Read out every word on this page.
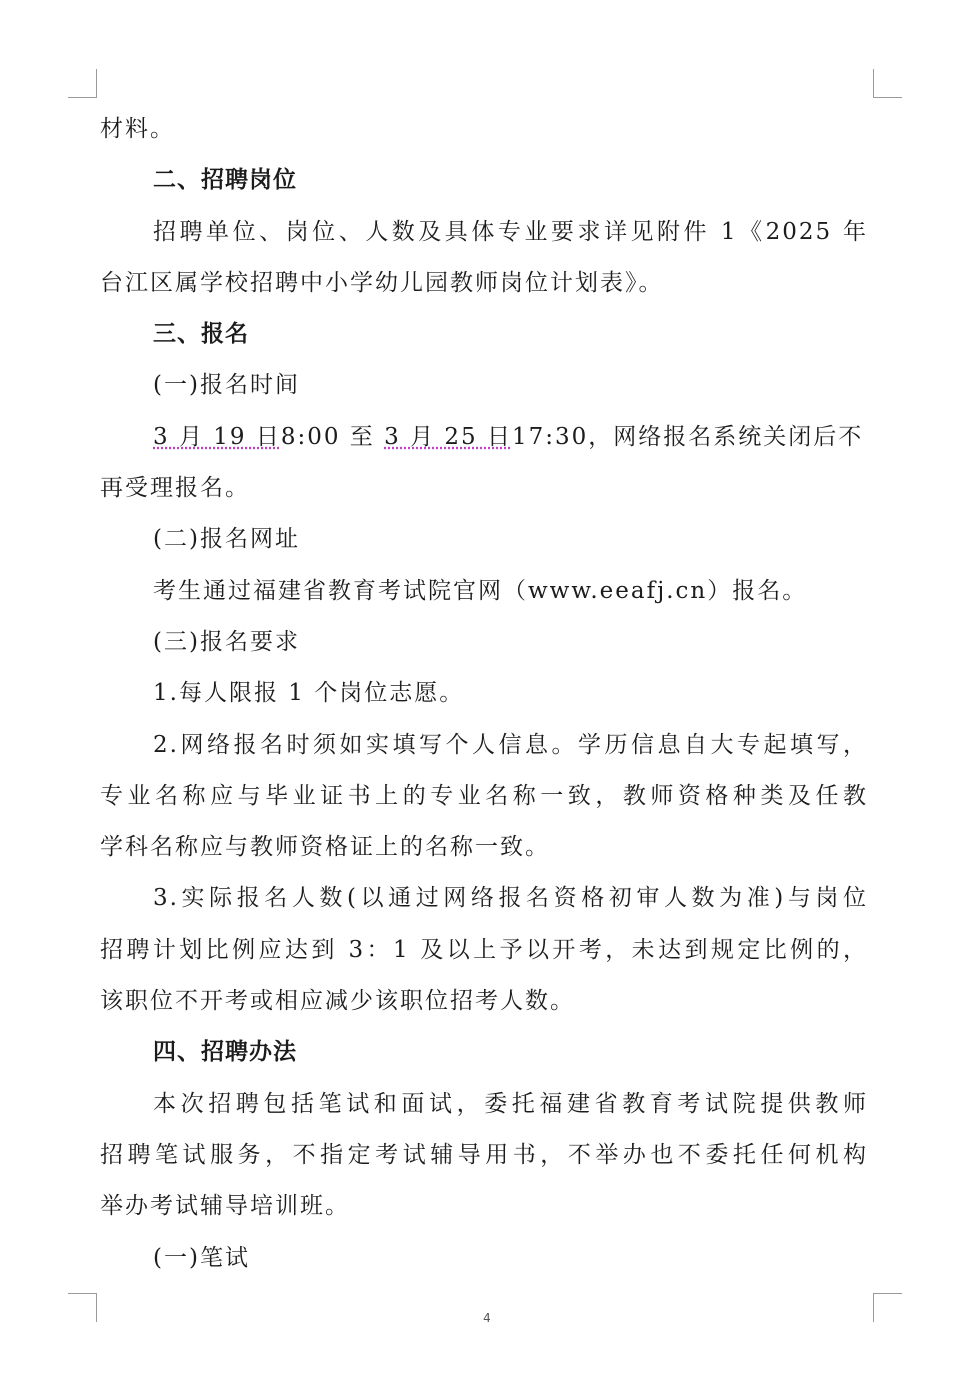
材料。
二、招聘岗位
招聘单位、岗位、人数及具体专业要求详见附件 1《2025 年
台江区属学校招聘中小学幼儿园教师岗位计划表》。
三、报名
(一)报名时间
3 月 19 日8:00 至 3 月 25 日17:30，网络报名系统关闭后不
再受理报名。
(二)报名网址
考生通过福建省教育考试院官网（www.eeafj.cn）报名。
(三)报名要求
1.每人限报 1 个岗位志愿。
2.网络报名时须如实填写个人信息。学历信息自大专起填写，
专业名称应与毕业证书上的专业名称一致，教师资格种类及任教
学科名称应与教师资格证上的名称一致。
3.实际报名人数(以通过网络报名资格初审人数为准)与岗位
招聘计划比例应达到 3：1 及以上予以开考，未达到规定比例的，
该职位不开考或相应减少该职位招考人数。
四、招聘办法
本次招聘包括笔试和面试，委托福建省教育考试院提供教师
招聘笔试服务，不指定考试辅导用书，不举办也不委托任何机构
举办考试辅导培训班。
(一)笔试
4
